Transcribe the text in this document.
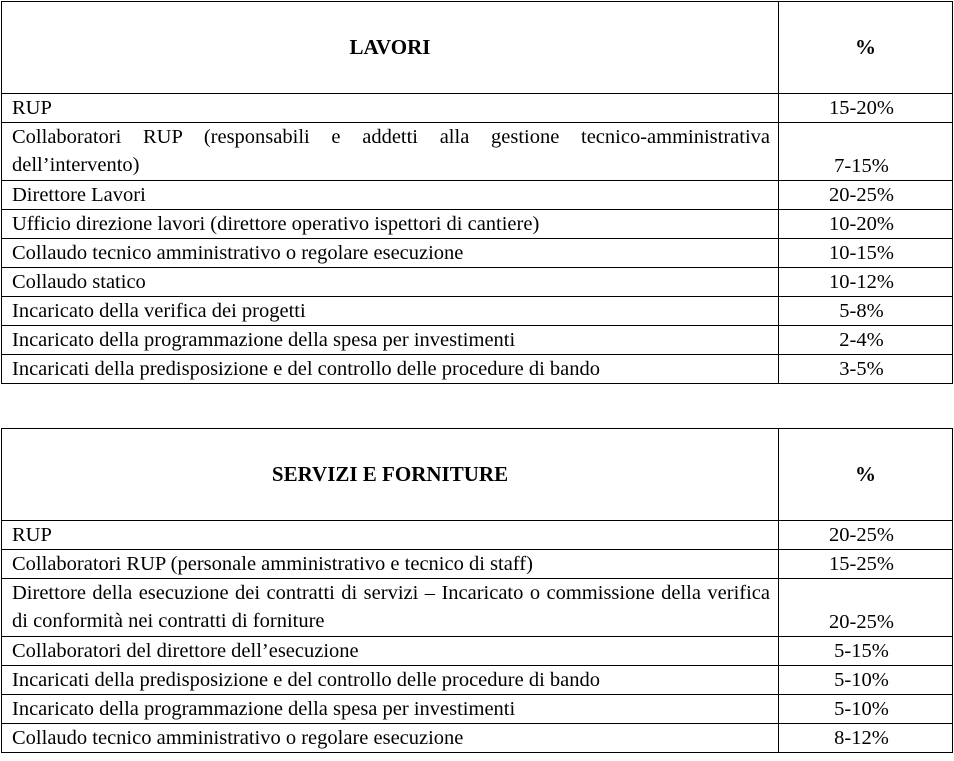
LAVORI	%
RUP	15-20%
Collaboratori RUP (responsabili e addetti alla gestione tecnico-amministrativa dell’intervento)	7-15%
Direttore Lavori	20-25%
Ufficio direzione lavori (direttore operativo ispettori di cantiere)	10-20%
Collaudo tecnico amministrativo o regolare esecuzione	10-15%
Collaudo statico	10-12%
Incaricato della verifica dei progetti	5-8%
Incaricato della programmazione della spesa per investimenti	2-4%
Incaricati della predisposizione e del controllo delle procedure di bando	3-5%
SERVIZI E FORNITURE	%
RUP	20-25%
Collaboratori RUP (personale amministrativo e tecnico di staff)	15-25%
Direttore della esecuzione dei contratti di servizi – Incaricato o commissione della verifica di conformità nei contratti di forniture	20-25%
Collaboratori del direttore dell’esecuzione	5-15%
Incaricati della predisposizione e del controllo delle procedure di bando	5-10%
Incaricato della programmazione della spesa per investimenti	5-10%
Collaudo tecnico amministrativo o regolare esecuzione	8-12%
